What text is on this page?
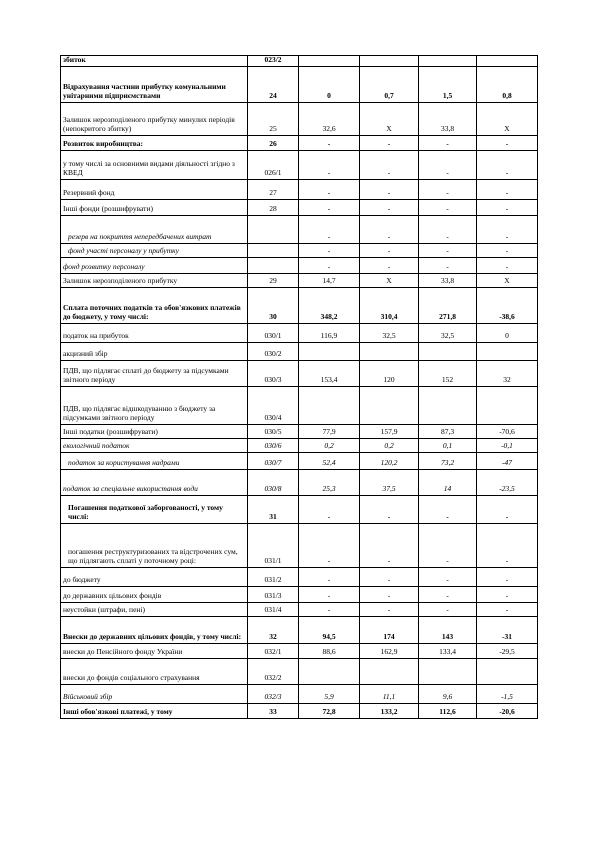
збиток	023/2				
Відрахування частини прибутку комунальними унітарними підприємствами	24	0	0,7	1,5	0,8
Залишок нерозподіленого прибутку минулих періодів (непокритого збитку)	25	32,6	Х	33,8	Х
Розвиток виробництва:	26	-	-	-	-
у тому числі за основними видами діяльності згідно з КВЕД	026/1	-	-	-	-
Резервний фонд	27	-	-	-	-
Інші фонди (розшифрувати)	28	-	-	-	-
резерв на покриття непередбачених витрат		-	-	-	-
фонд участі персоналу у прибутку		-	-	-	-
фонд розвитку персоналу		-	-	-	-
Залишок нерозподіленого прибутку	29	14,7	Х	33,8	Х
Сплата поточних податків та обов'язкових платежів до бюджету, у тому числі:	30	348,2	310,4	271,8	-38,6
податок на прибуток	030/1	116,9	32,5	32,5	0
акцизний збір	030/2				
ПДВ, що підлягає сплаті до бюджету за підсумками звітного періоду	030/3	153,4	120	152	32
ПДВ, що підлягає відшкодуванню з бюджету за підсумками звітного періоду	030/4				
Інші податки (розшифрувати)	030/5	77,9	157,9	87,3	-70,6
екологічний податок	030/6	0,2	0,2	0,1	-0,1
податок за користування надрами	030/7	52,4	120,2	73,2	-47
податок за спеціальне використання води	030/8	25,3	37,5	14	-23,5
Погашення податкової заборгованості, у тому числі:	31	-	-	-	-
погашення реструктуризованих та відстрочених сум, що підлягають сплаті у поточному році:	031/1	-	-	-	-
до бюджету	031/2	-	-	-	-
до державних цільових фондів	031/3	-	-	-	-
неустойки (штрафи, пені)	031/4	-	-	-	-
Внески до державних цільових фондів, у тому числі:	32	94,5	174	143	-31
внески до Пенсійного фонду України	032/1	88,6	162,9	133,4	-29,5
внески до фондів соціального страхування	032/2				
Військовий збір	032/3	5,9	11,1	9,6	-1,5
Інші обов'язкові платежі, у тому	33	72,8	133,2	112,6	-20,6
